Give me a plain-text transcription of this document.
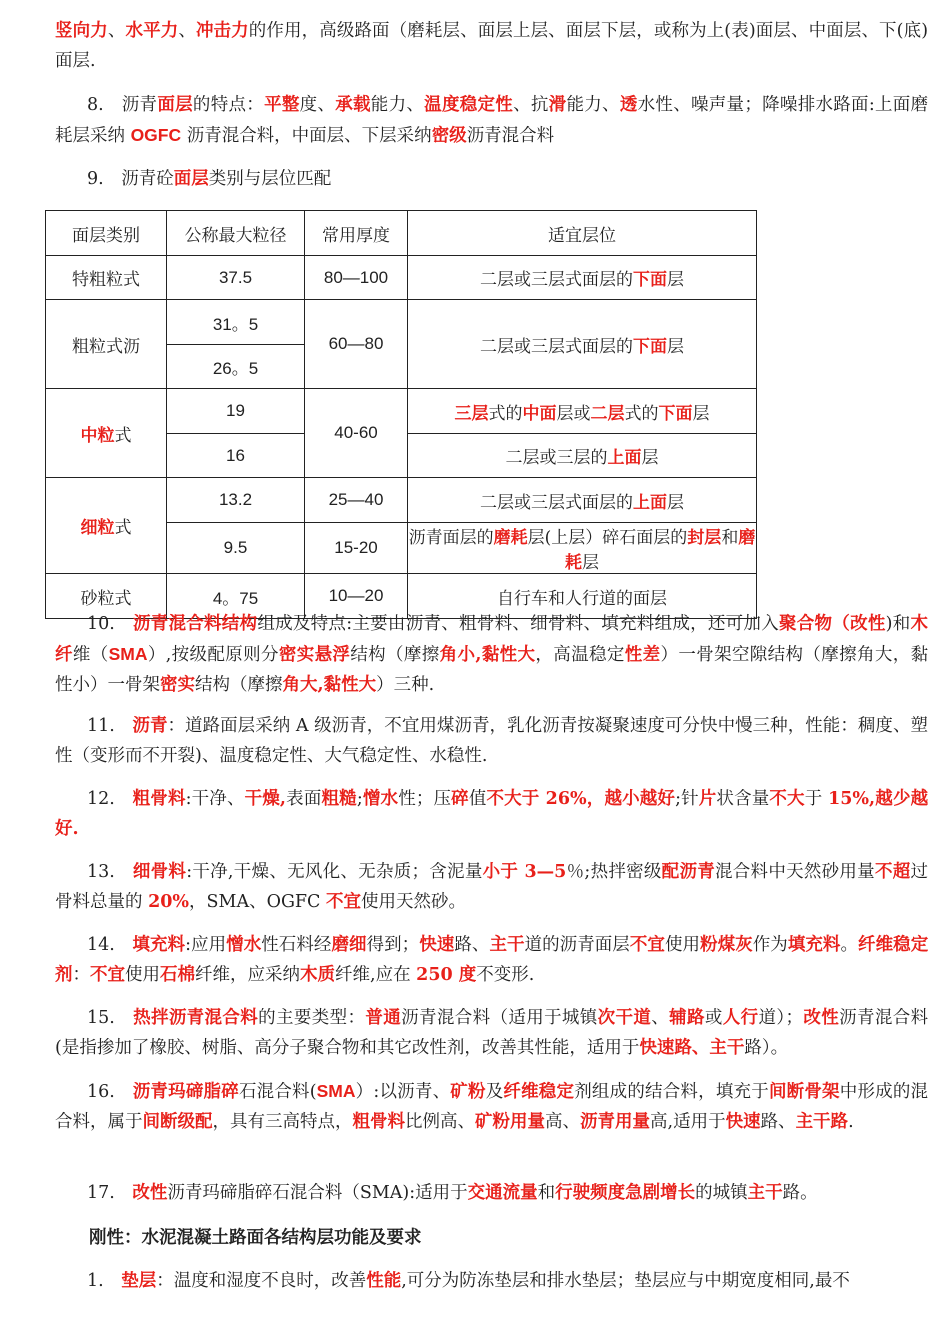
竖向力、水平力、冲击力的作用，高级路面（磨耗层、面层上层、面层下层，或称为上(表)面层、中面层、下(底)面层.
8.　沥青面层的特点：平整度、承载能力、温度稳定性、抗滑能力、透水性、噪声量；降噪排水路面:上面磨耗层采纳 OGFC 沥青混合料，中面层、下层采纳密级沥青混合料
9.　沥青砼面层类别与层位匹配
面层类别	公称最大粒径	常用厚度	适宜层位
特粗粒式	37.5	80—100	二层或三层式面层的下面层
粗粒式沥	31。5	60—80	二层或三层式面层的下面层
	26。5		
中粒式	19	40-60	三层式的中面层或二层式的下面层
	16		二层或三层的上面层
细粒式	13.2	25—40	二层或三层式面层的上面层
	9.5	15-20	沥青面层的磨耗层(上层）碎石面层的封层和磨耗层
砂粒式	4。75	10—20	自行车和人行道的面层
10.　沥青混合料结构组成及特点:主要由沥青、粗骨料、细骨料、填充料组成，还可加入聚合物（改性)和木纤维（SMA）,按级配原则分密实悬浮结构（摩擦角小,黏性大，高温稳定性差）一骨架空隙结构（摩擦角大，黏性小）一骨架密实结构（摩擦角大,黏性大）三种.
11.　沥青：道路面层采纳 A 级沥青，不宜用煤沥青，乳化沥青按凝聚速度可分快中慢三种，性能：稠度、塑性（变形而不开裂)、温度稳定性、大气稳定性、水稳性.
12.　粗骨料:干净、干燥,表面粗糙;憎水性；压碎值不大于 26%，越小越好;针片状含量不大于 15%,越少越好.
13.　细骨料:干净,干燥、无风化、无杂质；含泥量小于 3—5％;热拌密级配沥青混合料中天然砂用量不超过骨料总量的 20%，SMA、OGFC 不宜使用天然砂。
14.　填充料:应用憎水性石料经磨细得到；快速路、主干道的沥青面层不宜使用粉煤灰作为填充料。纤维稳定剂：不宜使用石棉纤维，应采纳木质纤维,应在 250 度不变形.
15.　热拌沥青混合料的主要类型：普通沥青混合料（适用于城镇次干道、辅路或人行道）；改性沥青混合料(是指掺加了橡胶、树脂、高分子聚合物和其它改性剂，改善其性能，适用于快速路、主干路）。
16.　沥青玛碲脂碎石混合料(SMA）:以沥青、矿粉及纤维稳定剂组成的结合料，填充于间断骨架中形成的混合料，属于间断级配，具有三高特点，粗骨料比例高、矿粉用量高、沥青用量高,适用于快速路、主干路.
17.　改性沥青玛碲脂碎石混合料（SMA):适用于交通流量和行驶频度急剧增长的城镇主干路。
刚性：水泥混凝土路面各结构层功能及要求
1.　垫层：温度和湿度不良时，改善性能,可分为防冻垫层和排水垫层；垫层应与中期宽度相同,最不
